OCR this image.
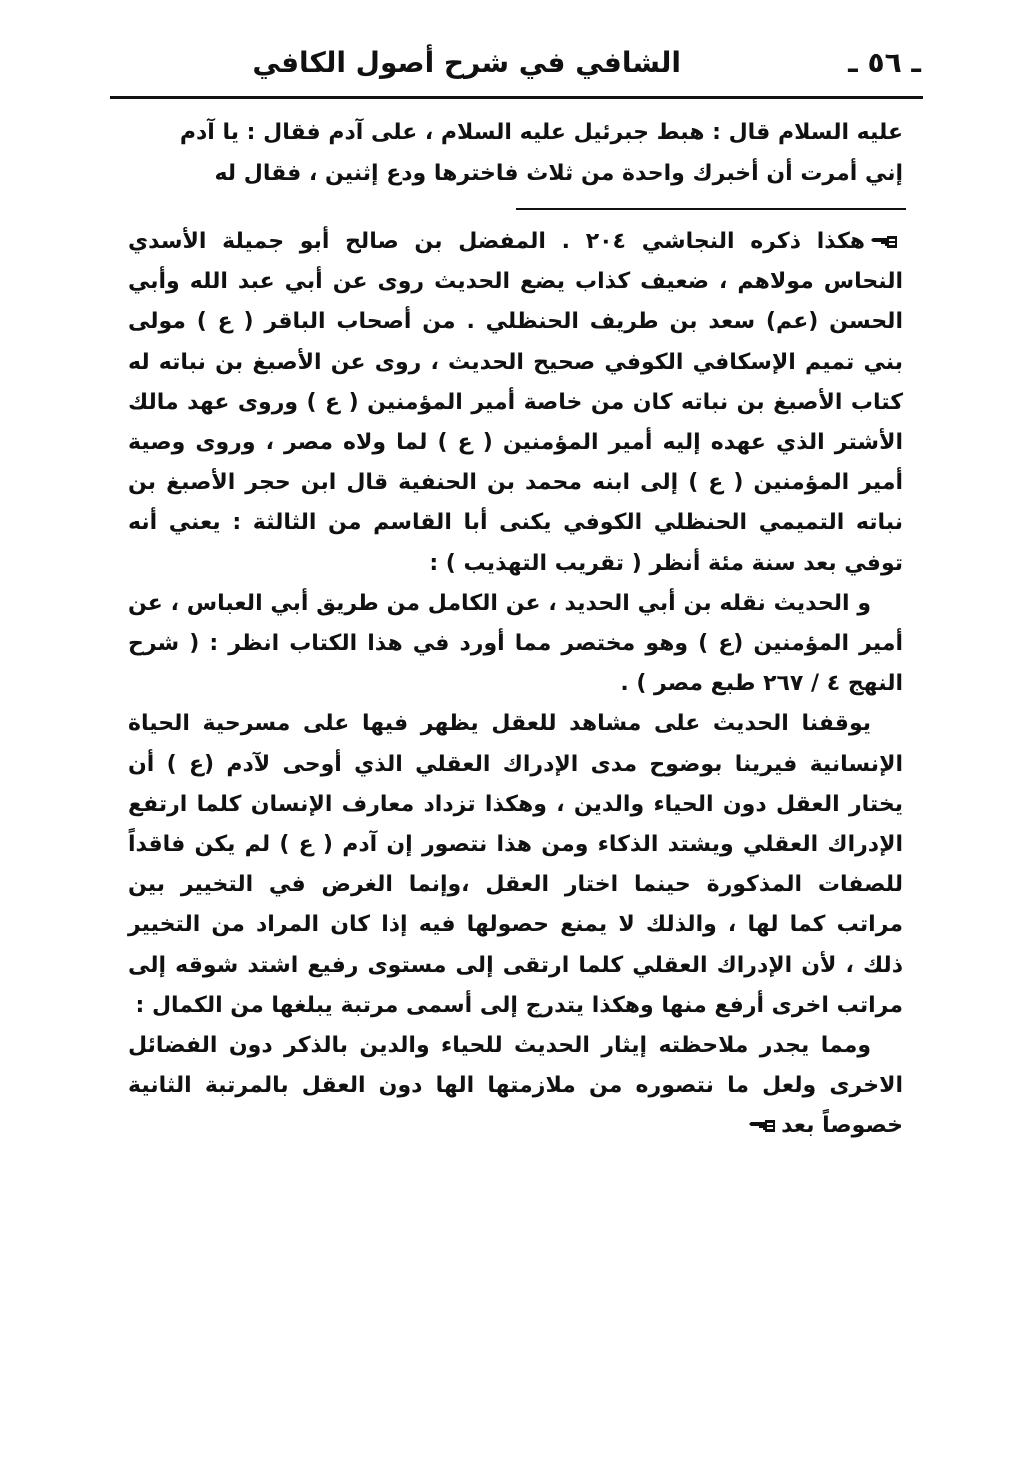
ـ ٥٦ ـ
الشافي في شرح أصول الكافي

عليه السلام قال : هبط جبرئيل عليه السلام ، على آدم فقال : يا آدم

إني أمرت أن أخبرك واحدة من ثلاث فاخترها ودع إثنين ، فقال له

هكذا ذكره النجاشي ٢٠٤ . المفضل بن صالح أبو جميلة الأسدي النحاس مولاهم ، ضعيف كذاب يضع الحديث روى عن أبي عبد الله وأبي الحسن (عم) سعد بن طريف الحنظلي . من أصحاب الباقر ( ع ) مولى بني تميم الإسكافي الكوفي صحيح الحديث ، روى عن الأصبغ بن نباته له كتاب الأصبغ بن نباته كان من خاصة أمير المؤمنين ( ع ) وروى عهد مالك الأشتر الذي عهده إليه أمير المؤمنين ( ع ) لما ولاه مصر ، وروى وصية أمير المؤمنين ( ع ) إلى ابنه محمد بن الحنفية قال ابن حجر الأصبغ بن نباته التميمي الحنظلي الكوفي يكنى أبا القاسم من الثالثة : يعني أنه توفي بعد سنة مئة أنظر ( تقريب التهذيب ) :

و الحديث نقله بن أبي الحديد ، عن الكامل من طريق أبي العباس ، عن أمير المؤمنين (ع ) وهو مختصر مما أورد في هذا الكتاب انظر : ( شرح النهج ٤ / ٢٦٧ طبع مصر ) .

يوقفنا الحديث على مشاهد للعقل يظهر فيها على مسرحية الحياة الإنسانية فيرينا بوضوح مدى الإدراك العقلي الذي أوحى لآدم (ع ) أن يختار العقل دون الحياء والدين ، وهكذا تزداد معارف الإنسان كلما ارتفع الإدراك العقلي ويشتد الذكاء ومن هذا نتصور إن آدم ( ع ) لم يكن فاقداً للصفات المذكورة حينما اختار العقل ،وإنما الغرض في التخيير بين مراتب كما لها ، والذلك لا يمنع حصولها فيه إذا كان المراد من التخيير ذلك ، لأن الإدراك العقلي كلما ارتقى إلى مستوى رفيع اشتد شوقه إلى مراتب اخرى أرفع منها وهكذا يتدرج إلى أسمى مرتبة يبلغها من الكمال :

ومما يجدر ملاحظته إيثار الحديث للحياء والدين بالذكر دون الفضائل الاخرى ولعل ما نتصوره من ملازمتها الها دون العقل بالمرتبة الثانية خصوصاً بعد
